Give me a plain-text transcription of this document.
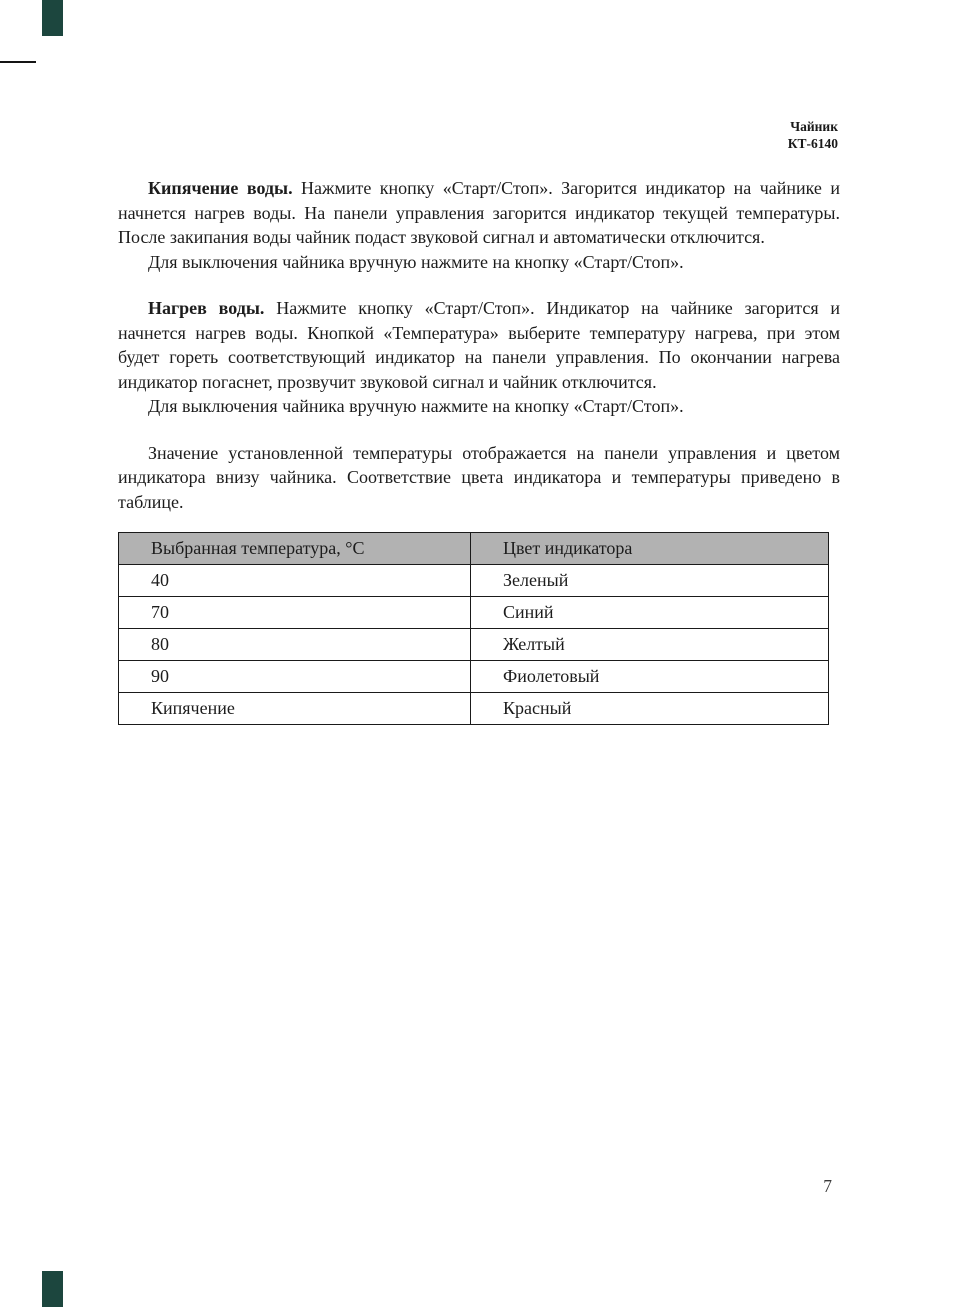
Чайник
КТ-6140

Кипячение воды. Нажмите кнопку «Старт/Стоп». Загорится индикатор на чайнике и начнется нагрев воды. На панели управления загорится индикатор текущей температуры. После закипания воды чайник подаст звуковой сигнал и автоматически отключится.

Для выключения чайника вручную нажмите на кнопку «Старт/Стоп».

Нагрев воды. Нажмите кнопку «Старт/Стоп». Индикатор на чайнике загорится и начнется нагрев воды. Кнопкой «Температура» выберите температуру нагрева, при этом будет гореть соответствующий индикатор на панели управления. По окончании нагрева индикатор погаснет, прозвучит звуковой сигнал и чайник отключится.

Для выключения чайника вручную нажмите на кнопку «Старт/Стоп».

Значение установленной температуры отображается на панели управления и цветом индикатора внизу чайника. Соответствие цвета индикатора и температуры приведено в таблице.

Выбранная температура, °С	Цвет индикатора
40	Зеленый
70	Синий
80	Желтый
90	Фиолетовый
Кипячение	Красный
7
